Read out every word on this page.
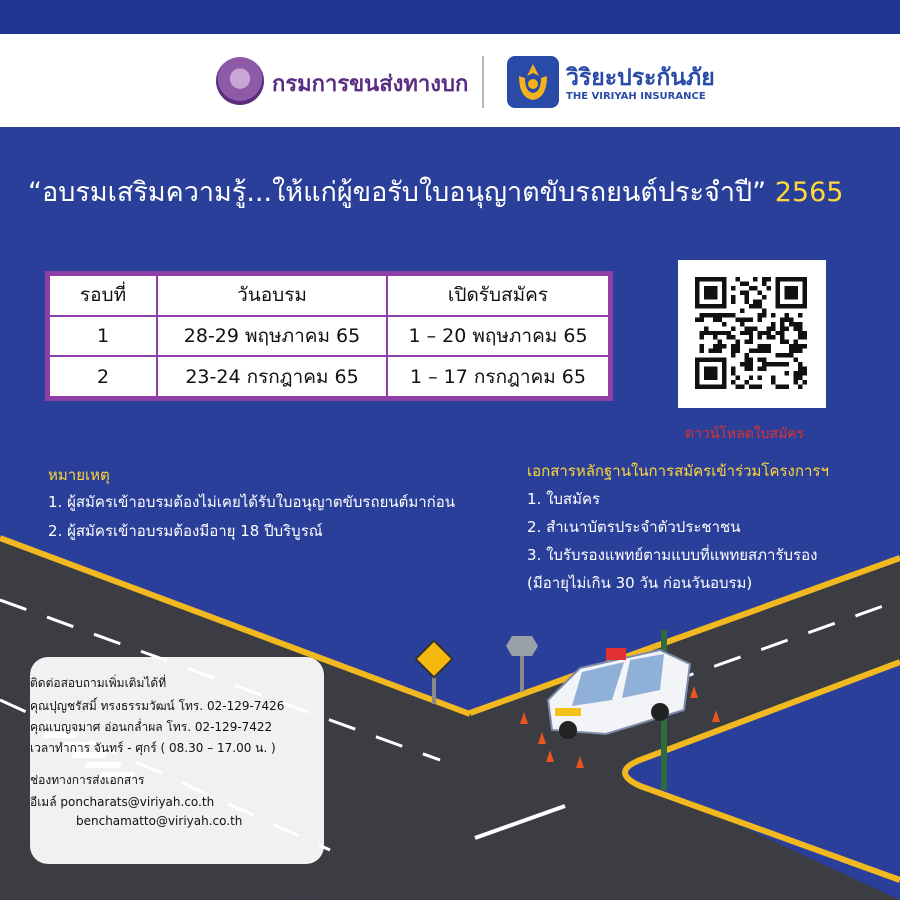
กรมการขนส่งทางบก	วิริยะประกันภัย
THE VIRIYAH INSURANCE
“อบรมเสริมความรู้...ให้แก่ผู้ขอรับใบอนุญาตขับรถยนต์ประจำปี” 2565
รอบที่	วันอบรม	เปิดรับสมัคร
1	28-29 พฤษภาคม 65	1 – 20 พฤษภาคม 65
2	23-24 กรกฎาคม 65	1 – 17 กรกฎาคม 65
ดาวน์โหลดใบสมัคร
หมายเหตุ
1. ผู้สมัครเข้าอบรมต้องไม่เคยได้รับใบอนุญาตขับรถยนต์มาก่อน
2. ผู้สมัครเข้าอบรมต้องมีอายุ 18 ปีบริบูรณ์
เอกสารหลักฐานในการสมัครเข้าร่วมโครงการฯ
1. ใบสมัคร
2. สำเนาบัตรประจำตัวประชาชน
3. ใบรับรองแพทย์ตามแบบที่แพทยสภารับรอง
(มีอายุไม่เกิน 30 วัน ก่อนวันอบรม)
ติดต่อสอบถามเพิ่มเติมได้ที่
คุณปุญชรัสมิ์ ทรงธรรมวัฒน์ โทร. 02-129-7426
คุณเบญจมาศ อ่อนกล่ำผล โทร. 02-129-7422
เวลาทำการ จันทร์ - ศุกร์ ( 08.30 – 17.00 น. )
ช่องทางการส่งเอกสาร
อีเมล์ poncharats@viriyah.co.th
benchamatto@viriyah.co.th
